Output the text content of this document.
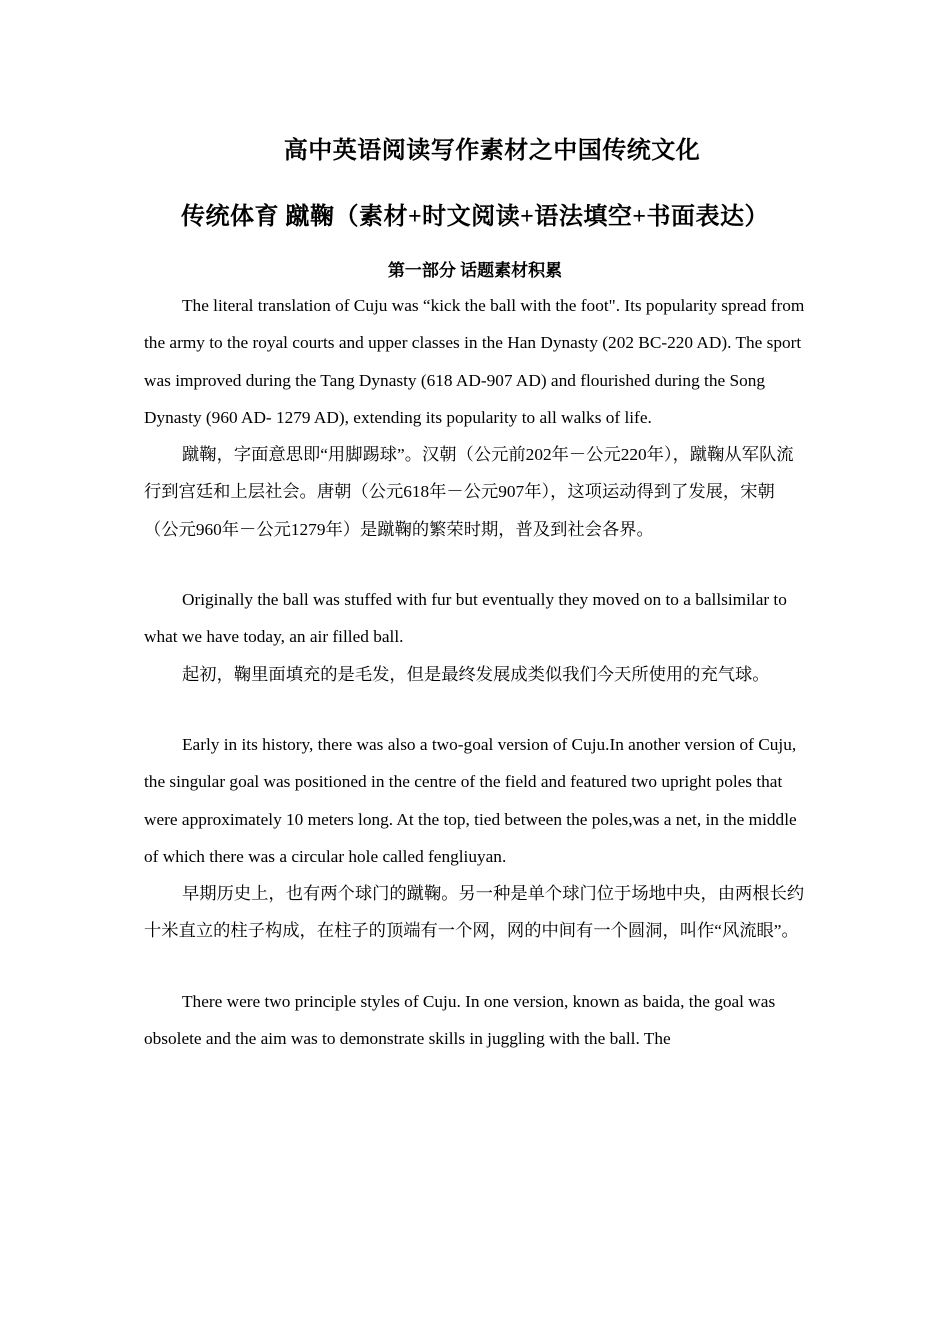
高中英语阅读写作素材之中国传统文化
传统体育 蹴鞠（素材+时文阅读+语法填空+书面表达）
第一部分 话题素材积累

The literal translation of Cuju was “kick the ball with the foot". Its popularity spread from the army to the royal courts and upper classes in the Han Dynasty (202 BC-220 AD). The sport was improved during the Tang Dynasty (618 AD-907 AD) and flourished during the Song Dynasty (960 AD- 1279 AD), extending its popularity to all walks of life.

蹴鞠，字面意思即“用脚踢球”。汉朝（公元前202年－公元220年），蹴鞠从军队流行到宫廷和上层社会。唐朝（公元618年－公元907年），这项运动得到了发展，宋朝（公元960年－公元1279年）是蹴鞠的繁荣时期，普及到社会各界。

Originally the ball was stuffed with fur but eventually they moved on to a ballsimilar to what we have today, an air filled ball.

起初，鞠里面填充的是毛发，但是最终发展成类似我们今天所使用的充气球。

Early in its history, there was also a two-goal version of Cuju.In another version of Cuju, the singular goal was positioned in the centre of the field and featured two upright poles that were approximately 10 meters long. At the top, tied between the poles,was a net, in the middle of which there was a circular hole called fengliuyan.

早期历史上，也有两个球门的蹴鞠。另一种是单个球门位于场地中央，由两根长约十米直立的柱子构成，在柱子的顶端有一个网，网的中间有一个圆洞，叫作“风流眼”。

There were two principle styles of Cuju. In one version, known as baida, the goal was obsolete and the aim was to demonstrate skills in juggling with the ball. The
